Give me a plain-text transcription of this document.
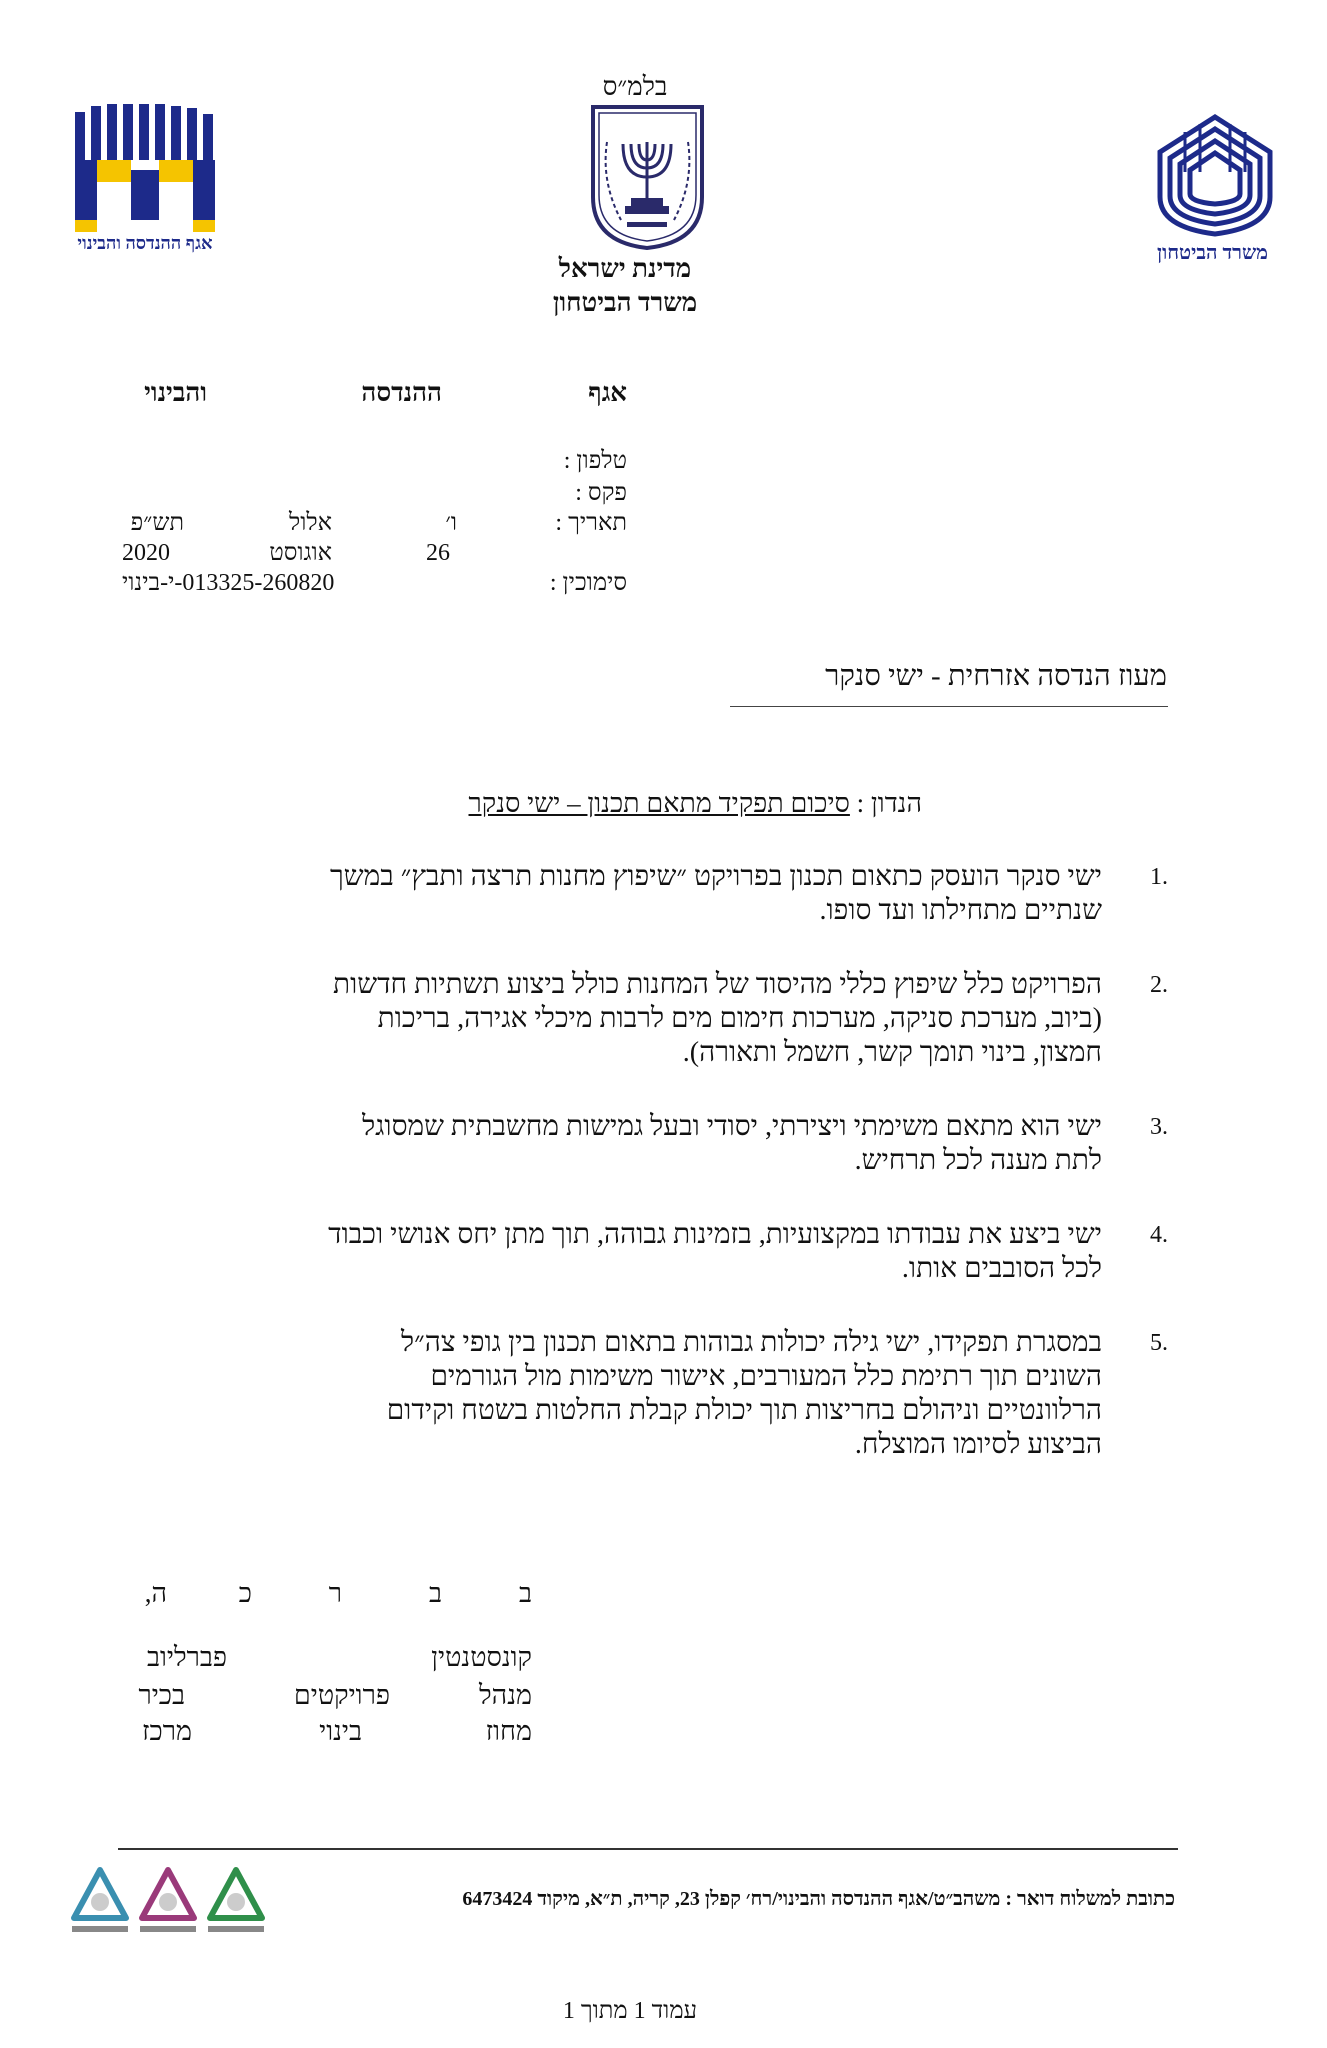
בלמ״ס
מדינת ישראל
משרד הביטחון
אגף ההנדסה והבינוי	משרד הביטחון
אגף
ההנדסה
והבינוי
טלפון :
פקס :
תאריך :
ו׳
אלול
תש״פ
26
אוגוסט
2020
סימוכין :
013325-260820-י-בינוי
מעוז הנדסה אזרחית - ישי סנקר
הנדון : סיכום תפקיד מתאם תכנון – ישי סנקר
1.
ישי סנקר הועסק כתאום תכנון בפרויקט ״שיפוץ מחנות תרצה ותבץ״ במשך
שנתיים מתחילתו ועד סופו.
2.
הפרויקט כלל שיפוץ כללי מהיסוד של המחנות כולל ביצוע תשתיות חדשות
(ביוב, מערכת סניקה, מערכות חימום מים לרבות מיכלי אגירה, בריכות
חמצון, בינוי תומך קשר, חשמל ותאורה).
3.
ישי הוא מתאם משימתי ויצירתי, יסודי ובעל גמישות מחשבתית שמסוגל
לתת מענה לכל תרחיש.
4.
ישי ביצע את עבודתו במקצועיות, בזמינות גבוהה, תוך מתן יחס אנושי וכבוד
לכל הסובבים אותו.
5.
במסגרת תפקידו, ישי גילה יכולות גבוהות בתאום תכנון בין גופי צה״ל
השונים תוך רתימת כלל המעורבים, אישור משימות מול הגורמים
הרלוונטיים וניהולם בחריצות תוך יכולת קבלת החלטות בשטח וקידום
הביצוע לסיומו המוצלח.
ב
ב
ר
כ
ה,
קונסטנטין
פברליוב
מנהל
פרויקטים
בכיר
מחוז
בינוי
מרכז
כתובת למשלוח דואר : משהב״ט/אגף ההנדסה והבינוי/רח׳ קפלן 23, קריה, ת״א, מיקוד 6473424
עמוד 1 מתוך 1
